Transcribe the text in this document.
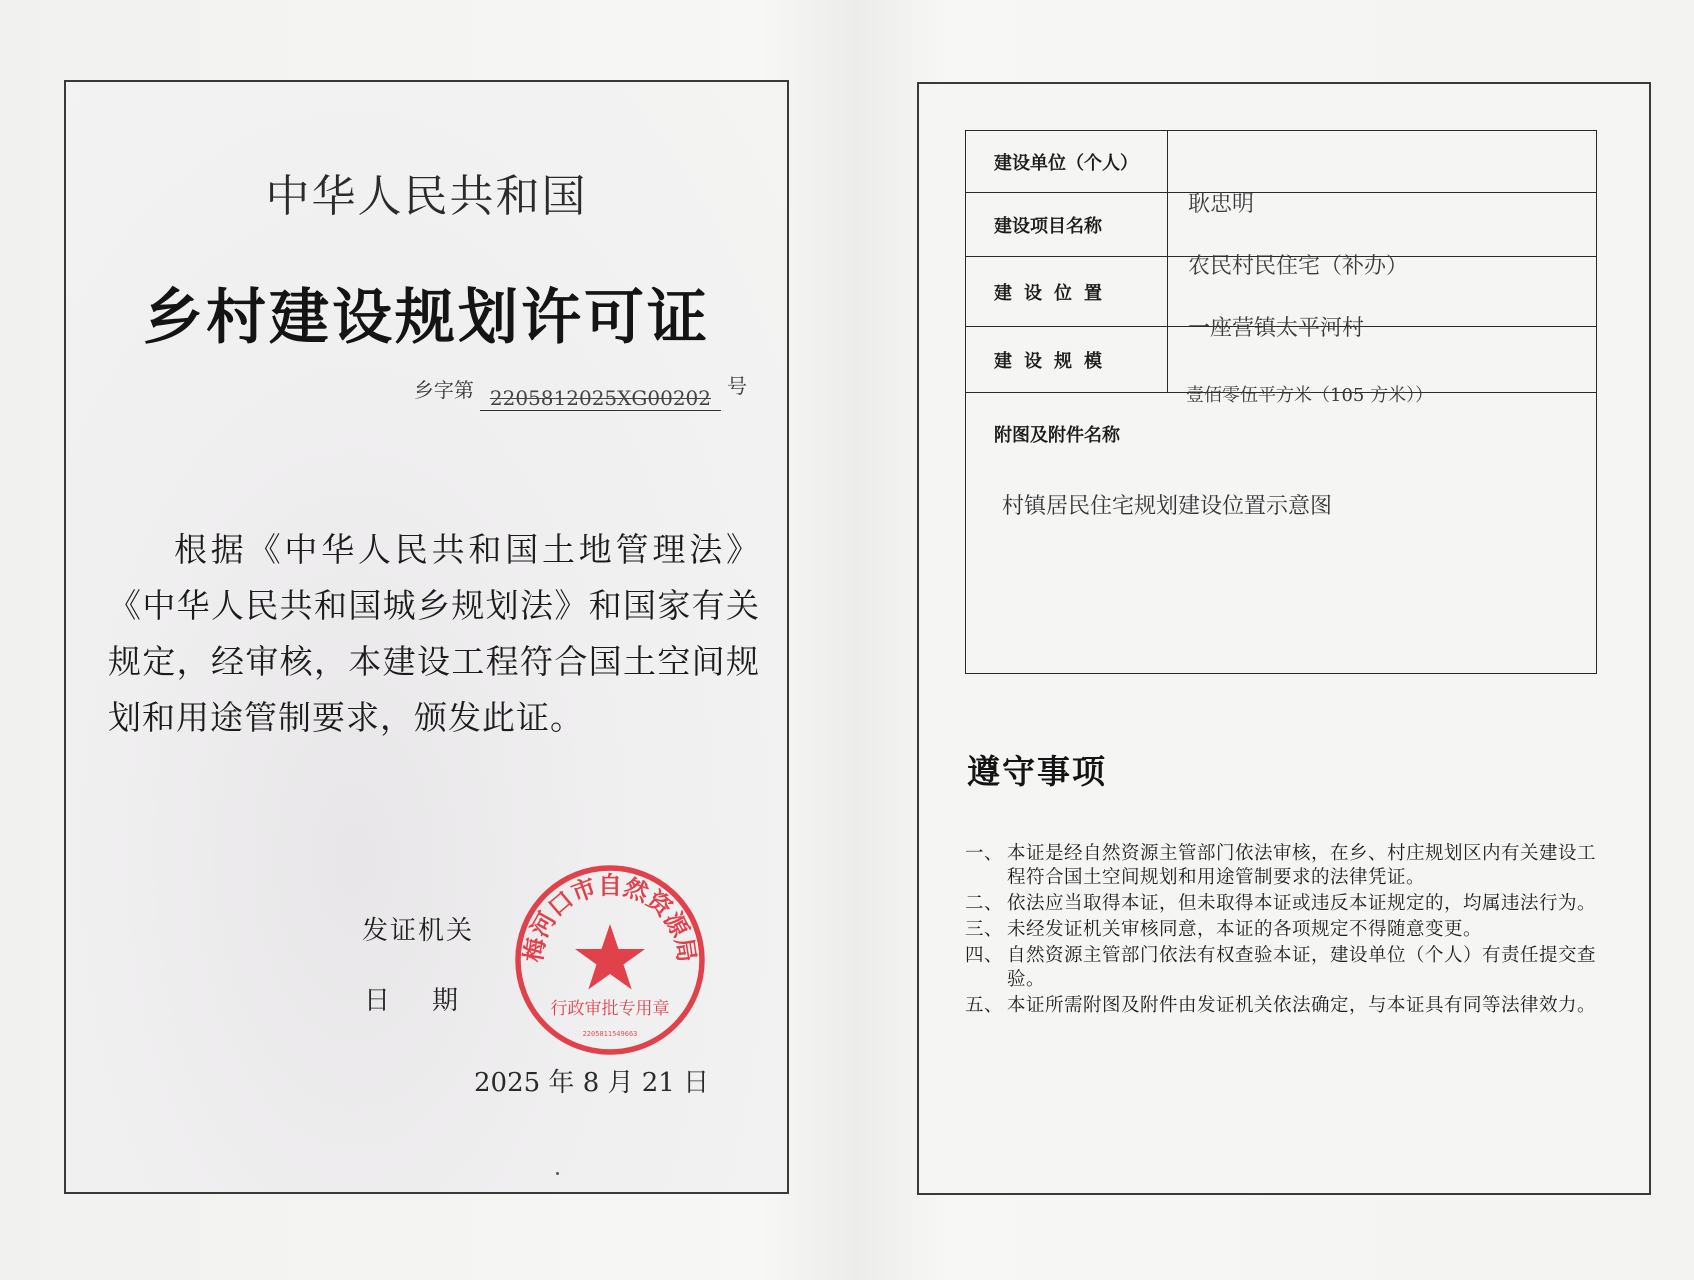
中华人民共和国
乡村建设规划许可证
乡字第 2205812025XG00202 号
根据《中华人民共和国土地管理法》《中华人民共和国城乡规划法》和国家有关规定，经审核，本建设工程符合国土空间规划和用途管制要求，颁发此证。
发证机关
日期
梅河口市自然资源局
行政审批专用章
2205811549663
2025 年 8 月 21 日
建设单位（个人）
建设项目名称
建设位置
建设规模
耿忠明
农民村民住宅（补办）
一座营镇太平河村
壹佰零伍平方米（105 方米））
附图及附件名称
村镇居民住宅规划建设位置示意图
遵守事项
一、 本证是经自然资源主管部门依法审核，在乡、村庄规划区内有关建设工程符合国土空间规划和用途管制要求的法律凭证。
二、 依法应当取得本证，但未取得本证或违反本证规定的，均属违法行为。
三、 未经发证机关审核同意，本证的各项规定不得随意变更。
四、 自然资源主管部门依法有权查验本证，建设单位（个人）有责任提交查验。
五、 本证所需附图及附件由发证机关依法确定，与本证具有同等法律效力。
